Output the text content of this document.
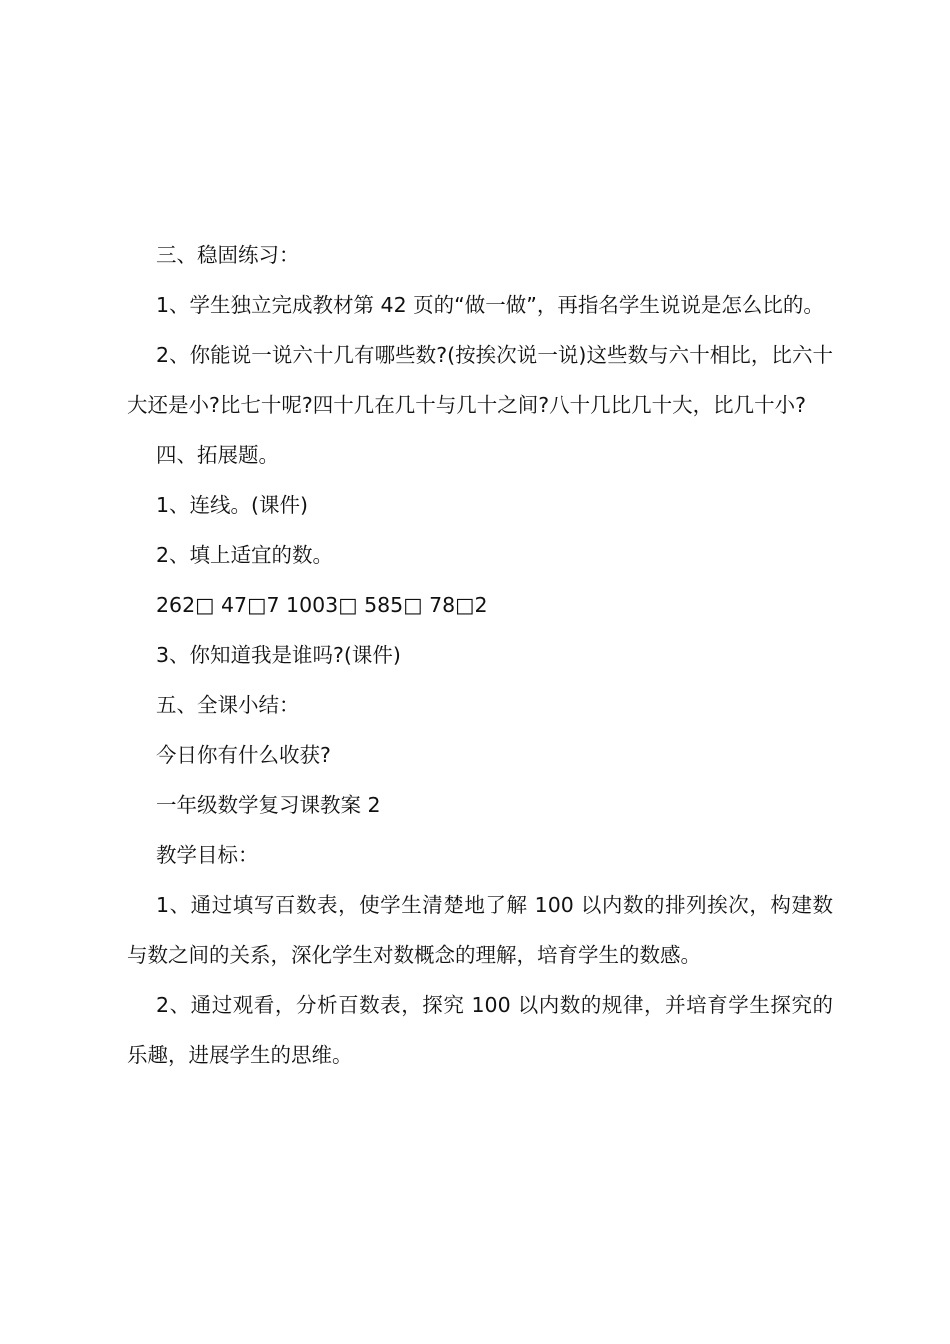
三、稳固练习：

1、学生独立完成教材第 42 页的“做一做”，再指名学生说说是怎么比的。

2、你能说一说六十几有哪些数?(按挨次说一说)这些数与六十相比，比六十大还是小?比七十呢?四十几在几十与几十之间?八十几比几十大，比几十小?

四、拓展题。

1、连线。(课件)

2、填上适宜的数。

262□ 47□7 1003□ 585□ 78□2

3、你知道我是谁吗?(课件)

五、全课小结：

今日你有什么收获?

一年级数学复习课教案 2

教学目标：

1、通过填写百数表，使学生清楚地了解 100 以内数的排列挨次，构建数与数之间的关系，深化学生对数概念的理解，培育学生的数感。

2、通过观看，分析百数表，探究 100 以内数的规律，并培育学生探究的乐趣，进展学生的思维。
